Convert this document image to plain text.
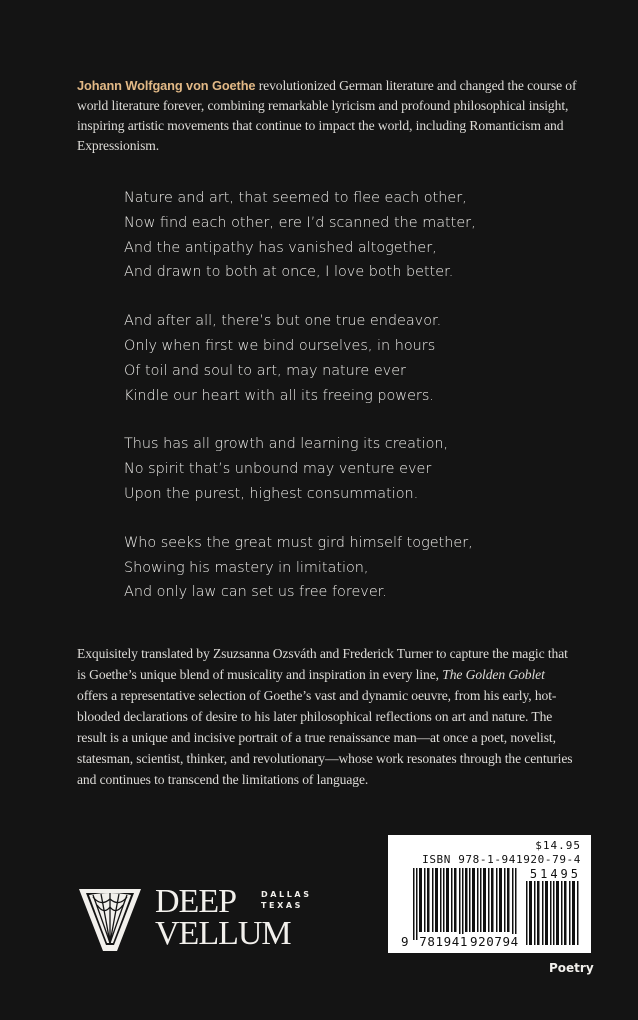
Johann Wolfgang von Goethe revolutionized German literature and changed the course of world literature forever, combining remarkable lyricism and profound philosophical insight, inspiring artistic movements that continue to impact the world, including Romanticism and Expressionism.
Nature and art, that seemed to flee each other,
Now find each other, ere I’d scanned the matter,
And the antipathy has vanished altogether,
And drawn to both at once, I love both better.
And after all, there’s but one true endeavor.
Only when first we bind ourselves, in hours
Of toil and soul to art, may nature ever
Kindle our heart with all its freeing powers.
Thus has all growth and learning its creation,
No spirit that’s unbound may venture ever
Upon the purest, highest consummation.
Who seeks the great must gird himself together,
Showing his mastery in limitation,
And only law can set us free forever.
Exquisitely translated by Zsuzsanna Ozsváth and Frederick Turner to capture the magic that is Goethe’s unique blend of musicality and inspiration in every line, The Golden Goblet offers a representative selection of Goethe’s vast and dynamic oeuvre, from his early, hot-blooded declarations of desire to his later philosophical reflections on art and nature. The result is a unique and incisive portrait of a true renaissance man—at once a poet, novelist, statesman, scientist, thinker, and revolutionary—whose work resonates through the centuries and continues to transcend the limitations of language.
DEEP
VELLUM
DALLAS
TEXAS
$14.95
ISBN 978-1-941920-79-4
51495
9 781941 920794
Poetry
